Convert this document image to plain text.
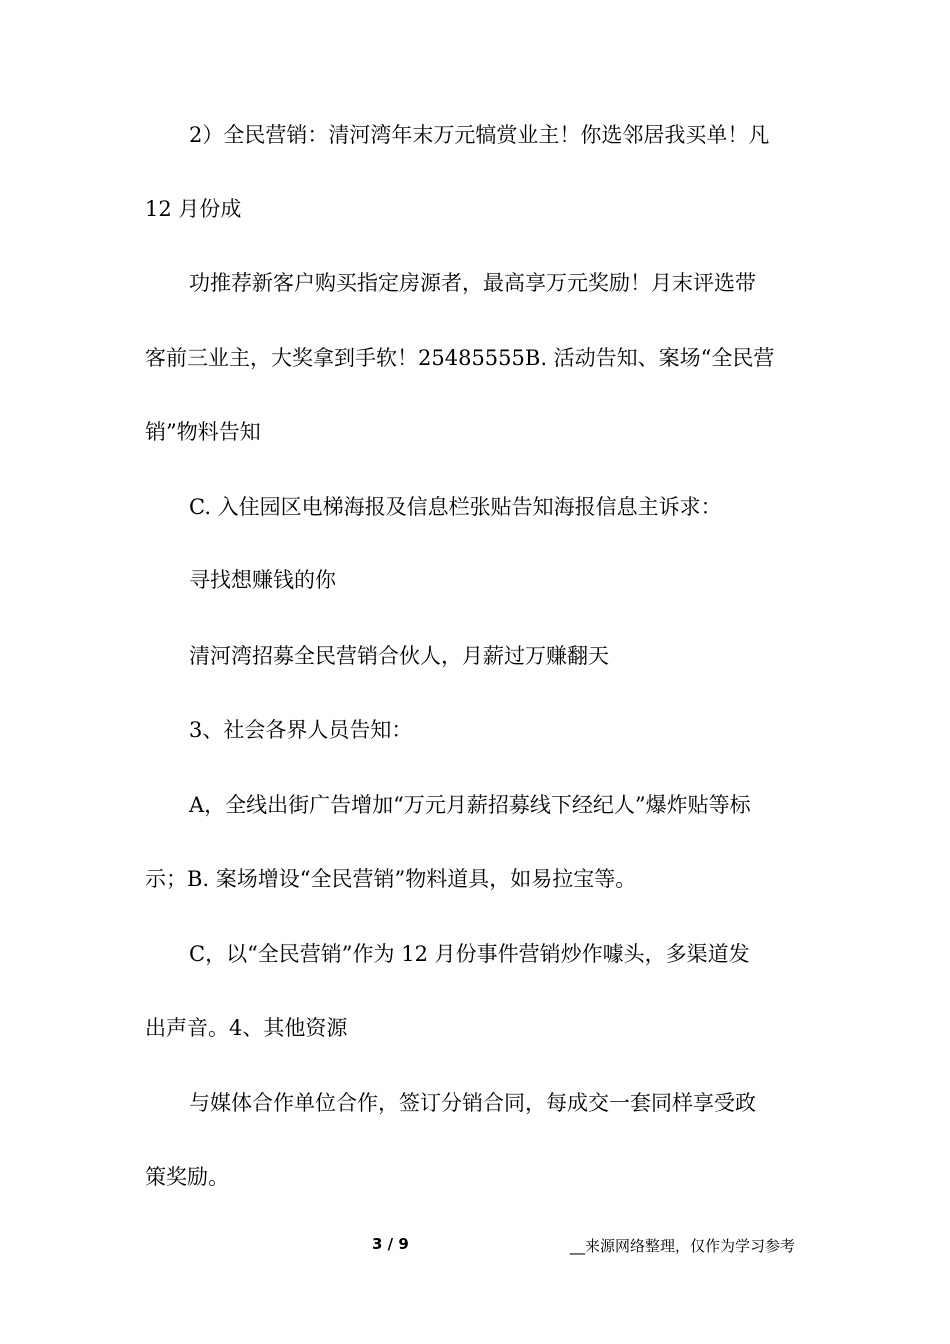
2）全民营销：清河湾年末万元犒赏业主！你选邻居我买单！凡
12 月份成
功推荐新客户购买指定房源者，最高享万元奖励！月末评选带
客前三业主，大奖拿到手软！25485555B. 活动告知、案场“全民营
销”物料告知
C. 入住园区电梯海报及信息栏张贴告知海报信息主诉求：
寻找想赚钱的你
清河湾招募全民营销合伙人，月薪过万赚翻天
3、社会各界人员告知：
A，全线出街广告增加“万元月薪招募线下经纪人”爆炸贴等标
示；B. 案场增设“全民营销”物料道具，如易拉宝等。
C，以“全民营销”作为 12 月份事件营销炒作噱头，多渠道发
出声音。4、其他资源
与媒体合作单位合作，签订分销合同，每成交一套同样享受政
策奖励。
3 / 9	__来源网络整理，仅作为学习参考
